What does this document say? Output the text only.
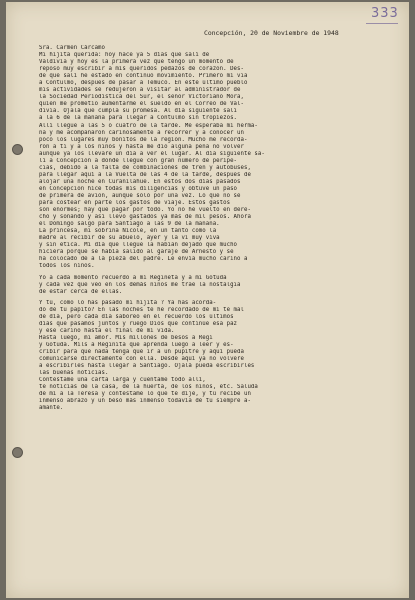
333
Concepción, 20 de Noviembre de 1948
Sra. Carmen Cárcamo
Mi hijita querida: hoy hace ya 5 días que salí de
Valdivia y hoy es la primera vez que tengo un momento de
reposo muy escribir a mis queridos pedazos de corazón. Des-
de que salí he estado en continuo movimiento. Primero mi via
a Contulmo, después de pasar a Temuco. En este último pueblo
mis actividades se redujeron a visitar al administrador de
la Sociedad Periodística del Sur, el señor Victoriano Mora,
quien me prometió aumentarme el sueldo en el Correo de Val-
divia. Ojalá que cumpla su promesa. Al día siguiente salí
a la 6 de la mañana para llegar a Contulmo sin tropiezos.
Allí llegué a las 5 o cuatro de la tarde. Me esperaba mi herma-
na y me acompañaron cariñosamente a recorrer y a conocer un
poco los lugares muy bonitos de la región. Mucho me recorda-
ron a ti y a los niños y hasta me dio alguna pena no volver
aunque ya los llevaré un día a ver el lugar. Al día siguiente sa-
lí a Concepción a donde llegué con gran número de peripe-
cias, debido a la falta de combinaciones de tren y autobuses,
para llegar aquí a la Vuelta de las 4 de la tarde, después de
alojar una noche en Curanilahue. En estos dos días pasados
en Concepción hice todas mis diligencias y obtuve un paso
de primera de avión, aunque solo por una vez. Lo que no sé
para costear en parte los gastos de viaje. Estos gastos
son enormes; hay que pagar por todo. Yo no he vuelto en dere-
cho y sonando y así llevo gastados ya más de mil pesos. Ahora
el Domingo salgo para Santiago a las 9 de la mañana.
La princesa, mi sobrina Nicole, en un tanto como la
madre al recibir de su abuelo, ayer y la vi muy viva
y sin ética. Mi día que llegué la habían dejado que mucho
hiciera porque se había salido al garaje de Arnesto y se
ha colocado de a la pieza del padre. Le envía mucho cariño a
todos los niños.
Yo a cada momento recuerdo a mi Regineta y a mi Gotuda
y cada vez que veo en los demás niños me trae la nostalgia
de estar cerca de ellas.
Y tú, como lo has pasado mi hijita ? Ya has acorda-
do de tu papito? En las noches te he recordado de mi te mal
de día, pero cada día saboreo en el recuerdo los últimos
días que pasamos juntos y ruego Dios que continúe esa paz
y ese cariño hasta el final de mi vida.
Hasta luego, mi amor. Mis millones de besos a Regi
y Gotuda. Mils a Reginita que aprenda luego a leer y es-
cribir para que nada tenga que ir a un pupitre y aquí pueda
comunicarse directamente con ella. Desde aquí ya no volveré
a escribirles hasta llegar a Santiago. Ojalá pueda escribirles
las buenas noticias.
Contéstame una carta larga y cuéntame todo allí,
te noticias de la casa, de la huerta, de los niños, etc. Saluda
de mi a la Teresa y contéstame lo que te dije, y tú recibe un
inmenso abrazo y un beso más inmenso todavía de tu siempre a-
amante.
